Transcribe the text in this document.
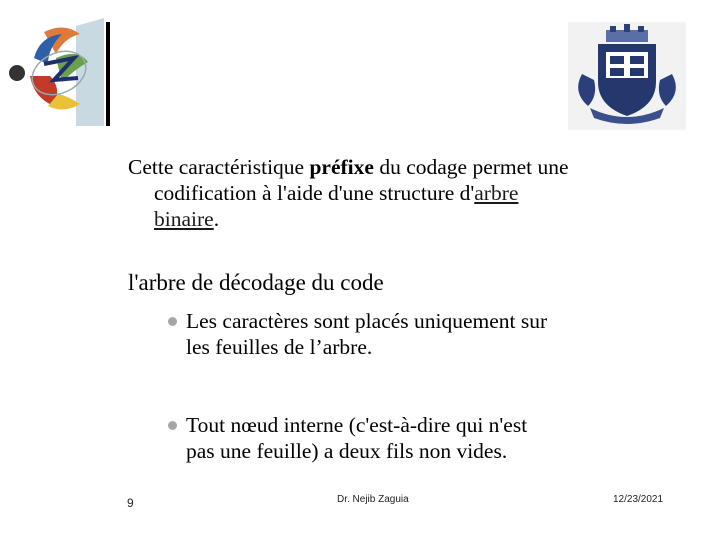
Cette caractéristique préfixe du codage permet une
codification à l'aide d'une structure d'arbre
binaire.
l'arbre de décodage du code
Les caractères sont placés uniquement sur
les feuilles de l’arbre.
Tout nœud interne (c'est-à-dire qui n'est
pas une feuille) a deux fils non vides.
9	Dr. Nejib Zaguia	12/23/2021
